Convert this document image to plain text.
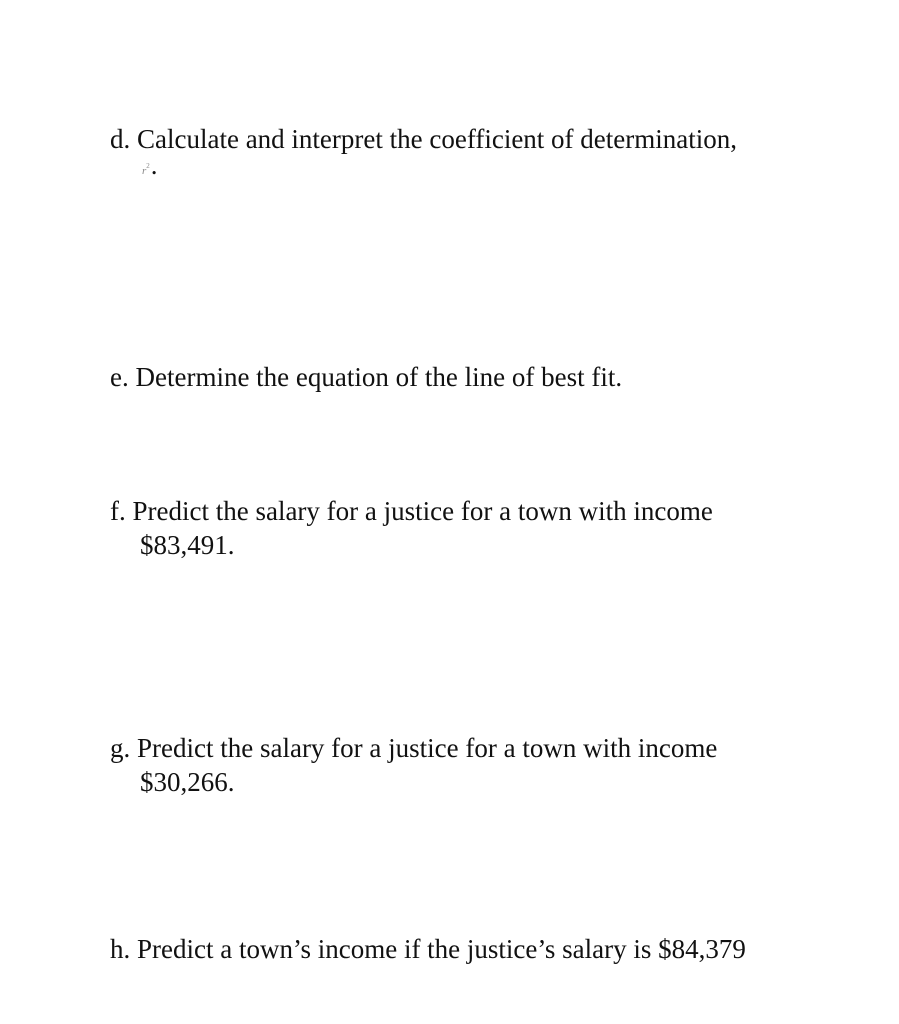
d. Calculate and interpret the coefficient of determination,
$^{r2}$.
e. Determine the equation of the line of best fit.
f. Predict the salary for a justice for a town with income
$83,491.
g. Predict the salary for a justice for a town with income
$30,266.
h. Predict a town’s income if the justice’s salary is $84,379
